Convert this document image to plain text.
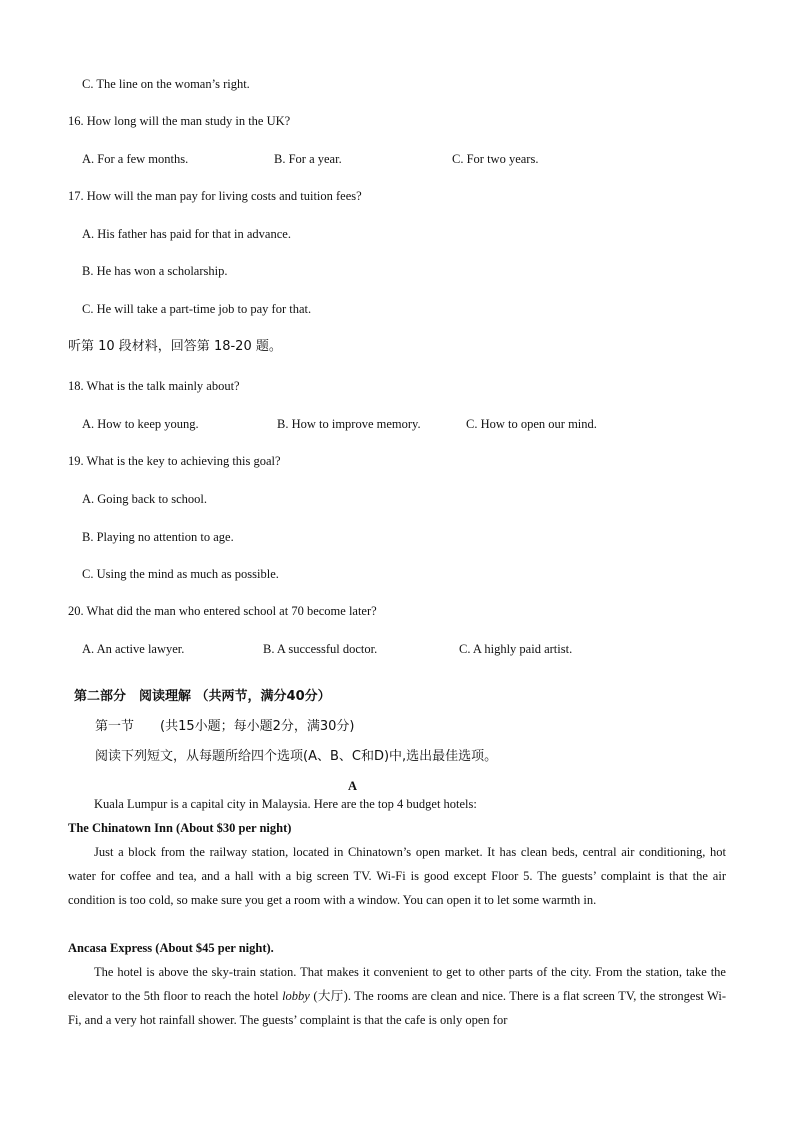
C. The line on the woman’s right.
16. How long will the man study in the UK?
A. For a few months.	B. For a year.	C. For two years.
17. How will the man pay for living costs and tuition fees?
A. His father has paid for that in advance.
B. He has won a scholarship.
C. He will take a part-time job to pay for that.
听第 10 段材料，回答第 18-20 题。
18. What is the talk mainly about?
A. How to keep young.	B. How to improve memory.	C. How to open our mind.
19. What is the key to achieving this goal?
A. Going back to school.
B. Playing no attention to age.
C. Using the mind as much as possible.
20. What did the man who entered school at 70 become later?
A. An active lawyer.	B. A successful doctor.	C. A highly paid artist.
第二部分　阅读理解 （共两节，满分40分）
第一节　　(共15小题；每小题2分，满30分)
阅读下列短文，从每题所给四个选项(A、B、C和D)中,选出最佳选项。
A
Kuala Lumpur is a capital city in Malaysia. Here are the top 4 budget hotels:
The Chinatown Inn (About $30 per night)

Just a block from the railway station, located in Chinatown’s open market. It has clean beds, central air conditioning, hot water for coffee and tea, and a hall with a big screen TV. Wi-Fi is good except Floor 5. The guests’ complaint is that the air condition is too cold, so make sure you get a room with a window. You can open it to let some warmth in.

Ancasa Express (About $45 per night).

The hotel is above the sky-train station. That makes it convenient to get to other parts of the city. From the station, take the elevator to the 5th floor to reach the hotel lobby (大厅). The rooms are clean and nice. There is a flat screen TV, the strongest Wi-Fi, and a very hot rainfall shower. The guests’ complaint is that the cafe is only open for
